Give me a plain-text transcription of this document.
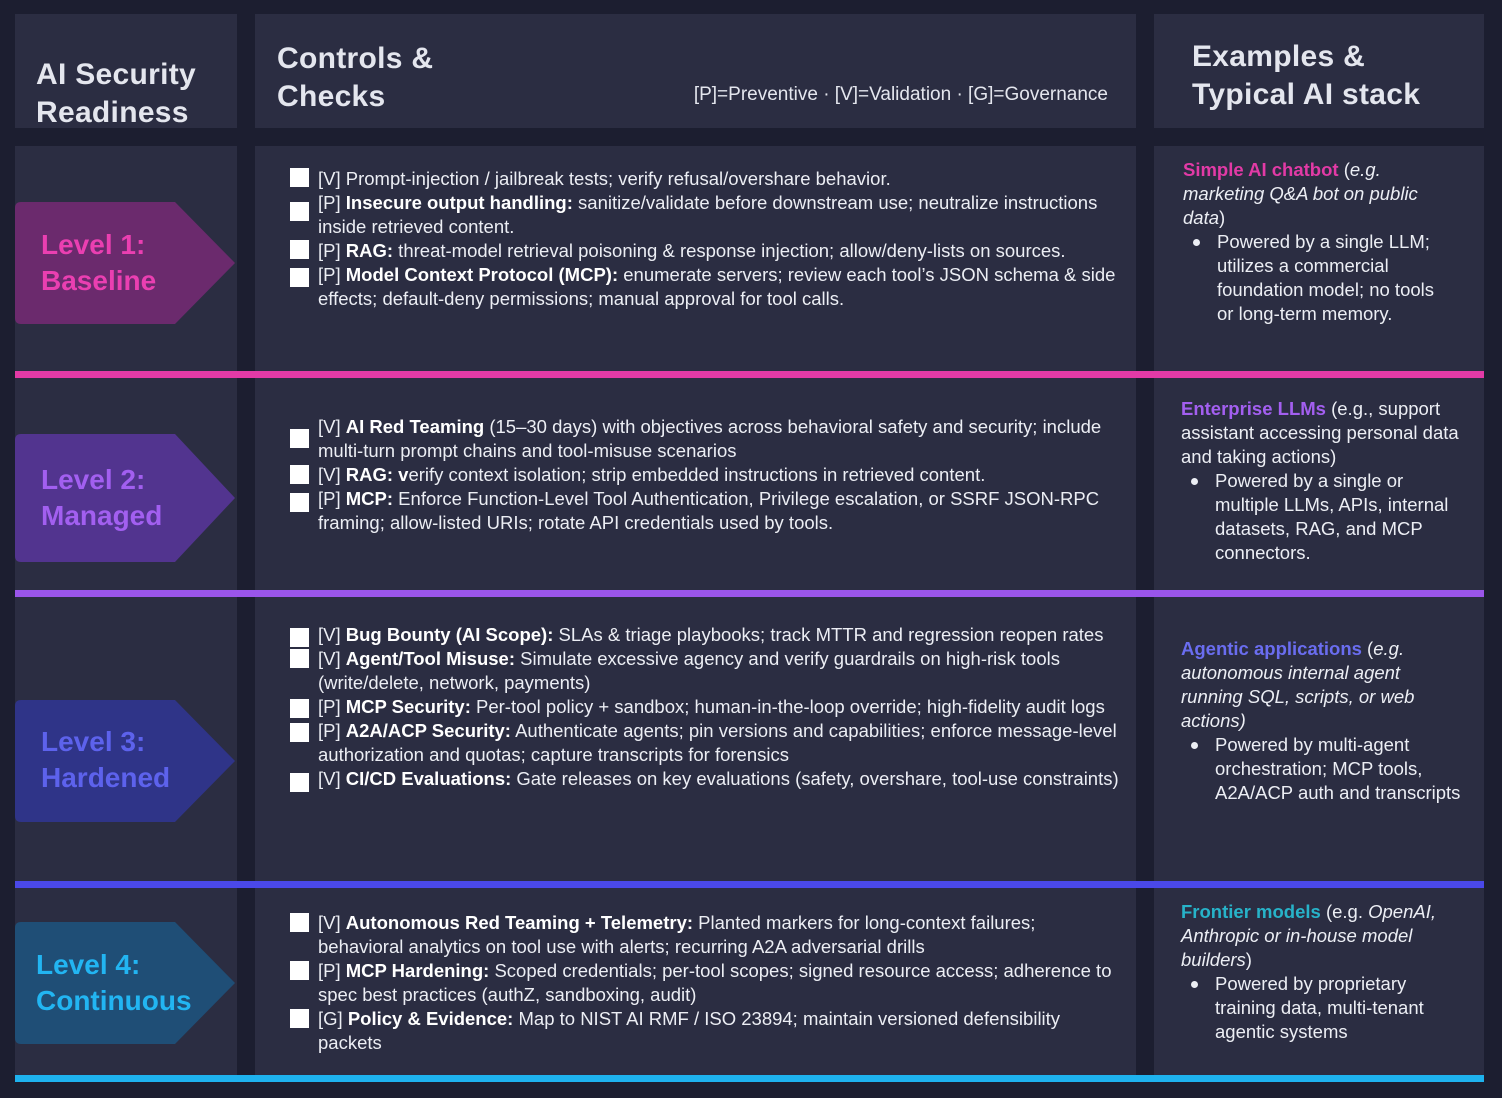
AI Security
Readiness
Controls &
Checks	[P]=Preventive · [V]=Validation · [G]=Governance
Examples &
Typical AI stack
Level 1:
Baseline
Level 2:
Managed
Level 3:
Hardened
Level 4:
Continuous
[V] Prompt-injection / jailbreak tests; verify refusal/overshare behavior.
[P] Insecure output handling: sanitize/validate before downstream use; neutralize instructions inside retrieved content.
[P] RAG: threat-model retrieval poisoning & response injection; allow/deny-lists on sources.
[P] Model Context Protocol (MCP): enumerate servers; review each tool’s JSON schema & side effects; default-deny permissions; manual approval for tool calls.
[V] AI Red Teaming (15–30 days) with objectives across behavioral safety and security; include multi-turn prompt chains and tool-misuse scenarios
[V] RAG: verify context isolation; strip embedded instructions in retrieved content.
[P] MCP: Enforce Function-Level Tool Authentication, Privilege escalation, or SSRF JSON-RPC framing; allow-listed URIs; rotate API credentials used by tools.
[V] Bug Bounty (AI Scope): SLAs & triage playbooks; track MTTR and regression reopen rates
[V] Agent/Tool Misuse: Simulate excessive agency and verify guardrails on high-risk tools (write/delete, network, payments)
[P] MCP Security: Per-tool policy + sandbox; human-in-the-loop override; high-fidelity audit logs
[P] A2A/ACP Security: Authenticate agents; pin versions and capabilities; enforce message-level authorization and quotas; capture transcripts for forensics
[V] CI/CD Evaluations: Gate releases on key evaluations (safety, overshare, tool-use constraints)
[V] Autonomous Red Teaming + Telemetry: Planted markers for long-context failures; behavioral analytics on tool use with alerts; recurring A2A adversarial drills
[P] MCP Hardening: Scoped credentials; per-tool scopes; signed resource access; adherence to spec best practices (authZ, sandboxing, audit)
[G] Policy & Evidence: Map to NIST AI RMF / ISO 23894; maintain versioned defensibility packets
Simple AI chatbot (e.g. marketing Q&A bot on public data)
Powered by a single LLM; utilizes a commercial foundation model; no tools or long-term memory.
Enterprise LLMs (e.g., support assistant accessing personal data and taking actions)
Powered by a single or multiple LLMs, APIs, internal datasets, RAG, and MCP connectors.
Agentic applications (e.g. autonomous internal agent running SQL, scripts, or web actions)
Powered by multi-agent orchestration; MCP tools, A2A/ACP auth and transcripts
Frontier models (e.g. OpenAI, Anthropic or in-house model builders)
Powered by proprietary training data, multi-tenant agentic systems
